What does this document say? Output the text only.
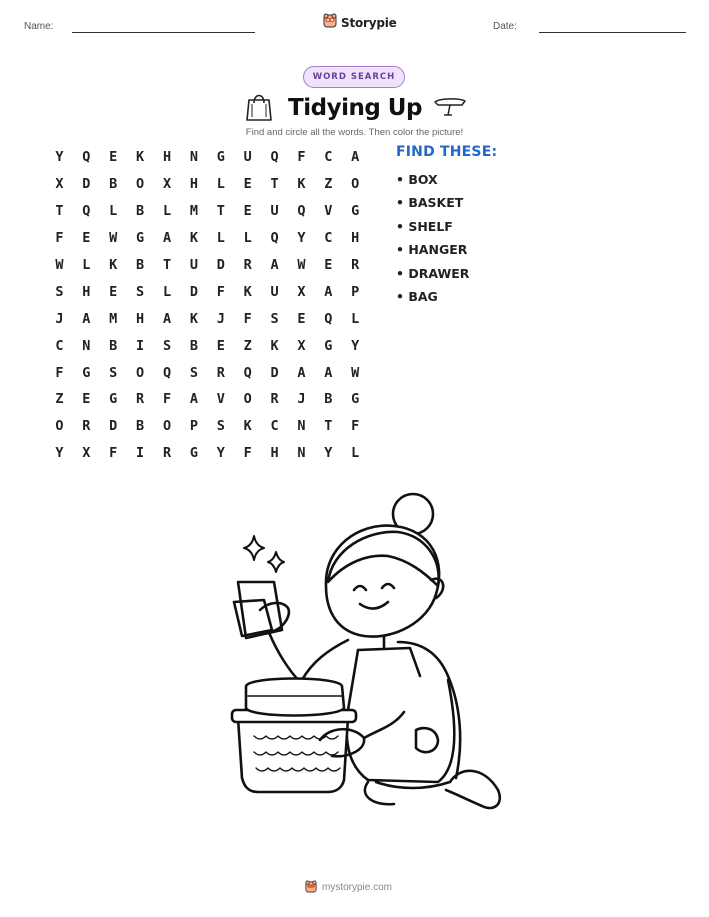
Name:	Storypie	Date:
WORD SEARCH
Tidying Up
Find and circle all the words. Then color the picture!
Y	Q	E	K	H	N	G	U	Q	F	C	A
X	D	B	O	X	H	L	E	T	K	Z	O
T	Q	L	B	L	M	T	E	U	Q	V	G
F	E	W	G	A	K	L	L	Q	Y	C	H
W	L	K	B	T	U	D	R	A	W	E	R
S	H	E	S	L	D	F	K	U	X	A	P
J	A	M	H	A	K	J	F	S	E	Q	L
C	N	B	I	S	B	E	Z	K	X	G	Y
F	G	S	O	Q	S	R	Q	D	A	A	W
Z	E	G	R	F	A	V	O	R	J	B	G
O	R	D	B	O	P	S	K	C	N	T	F
Y	X	F	I	R	G	Y	F	H	N	Y	L
FIND THESE:
• BOX
• BASKET
• SHELF
• HANGER
• DRAWER
• BAG
mystorypie.com
